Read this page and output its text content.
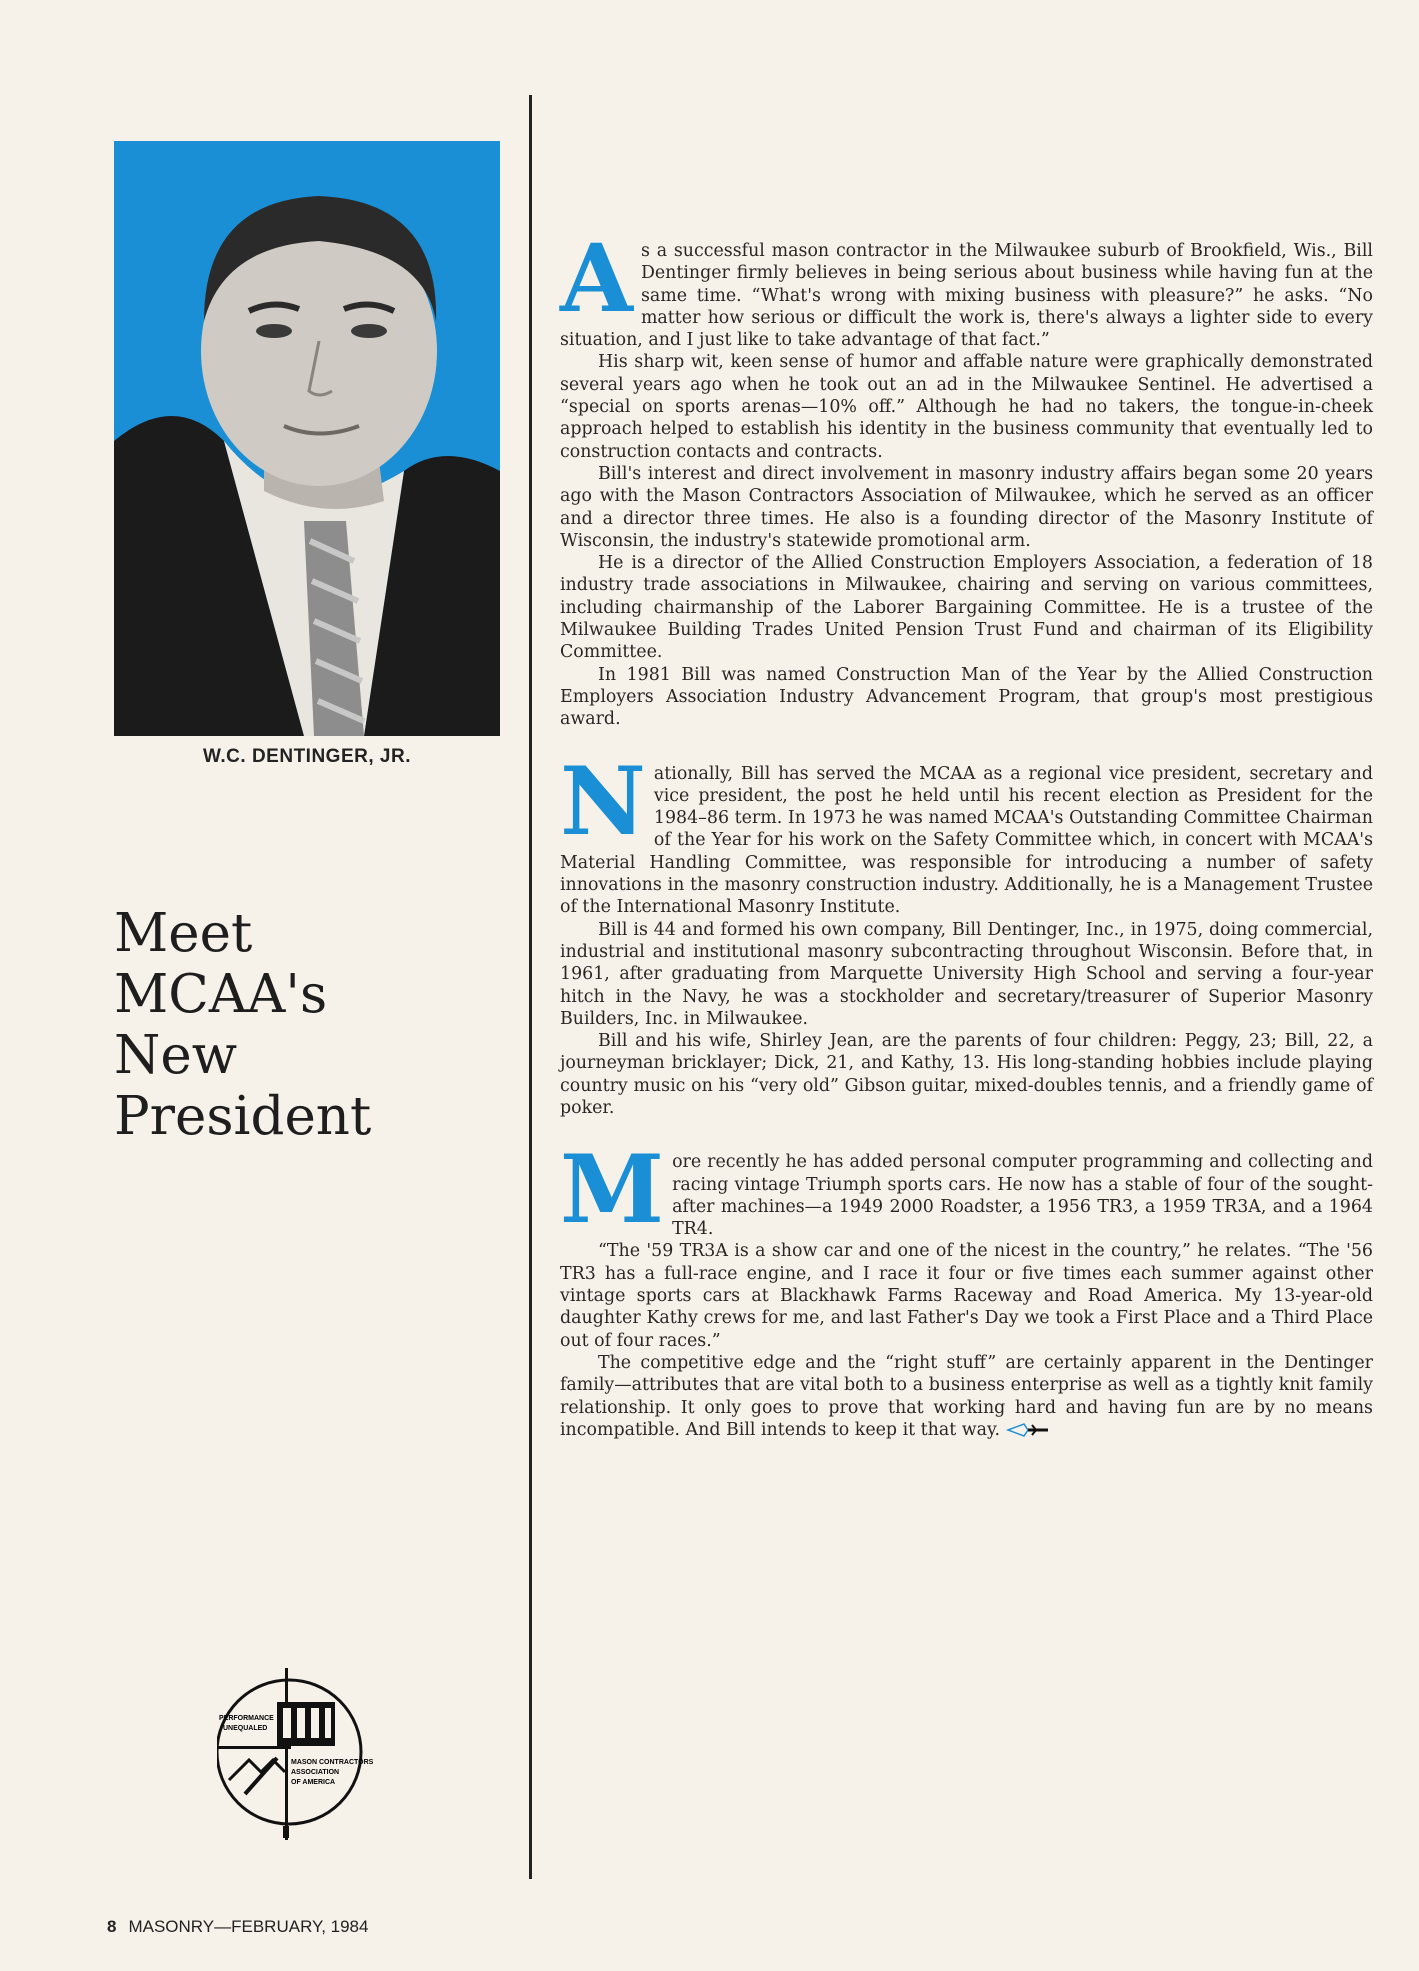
W.C. DENTINGER, JR.
Meet
MCAA's
New
President
PERFORMANCE
UNEQUALED
MASON CONTRACTORS
ASSOCIATION
OF AMERICA

As a successful mason contractor in the Milwaukee suburb of Brookfield, Wis., Bill Dentinger firmly believes in being serious about business while having fun at the same time. “What's wrong with mixing business with pleasure?” he asks. “No matter how serious or difficult the work is, there's always a lighter side to every situation, and I just like to take advantage of that fact.”

His sharp wit, keen sense of humor and affable nature were graphically demonstrated several years ago when he took out an ad in the Milwaukee Sentinel. He advertised a “special on sports arenas—10% off.” Although he had no takers, the tongue-in-cheek approach helped to establish his identity in the business community that eventually led to construction contacts and contracts.

Bill's interest and direct involvement in masonry industry affairs began some 20 years ago with the Mason Contractors Association of Milwaukee, which he served as an officer and a director three times. He also is a founding director of the Masonry Institute of Wisconsin, the industry's statewide promotional arm.

He is a director of the Allied Construction Employers Association, a federation of 18 industry trade associations in Milwaukee, chairing and serving on various committees, including chairmanship of the Laborer Bargaining Committee. He is a trustee of the Milwaukee Building Trades United Pension Trust Fund and chairman of its Eligibility Committee.

In 1981 Bill was named Construction Man of the Year by the Allied Construction Employers Association Industry Advancement Program, that group's most prestigious award.

Nationally, Bill has served the MCAA as a regional vice president, secretary and vice president, the post he held until his recent election as President for the 1984–86 term. In 1973 he was named MCAA's Outstanding Committee Chairman of the Year for his work on the Safety Committee which, in concert with MCAA's Material Handling Committee, was responsible for introducing a number of safety innovations in the masonry construction industry. Additionally, he is a Management Trustee of the International Masonry Institute.

Bill is 44 and formed his own company, Bill Dentinger, Inc., in 1975, doing commercial, industrial and institutional masonry subcontracting throughout Wisconsin. Before that, in 1961, after graduating from Marquette University High School and serving a four-year hitch in the Navy, he was a stockholder and secretary/treasurer of Superior Masonry Builders, Inc. in Milwaukee.

Bill and his wife, Shirley Jean, are the parents of four children: Peggy, 23; Bill, 22, a journeyman bricklayer; Dick, 21, and Kathy, 13. His long-standing hobbies include playing country music on his “very old” Gibson guitar, mixed-doubles tennis, and a friendly game of poker.

More recently he has added personal computer programming and collecting and racing vintage Triumph sports cars. He now has a stable of four of the sought-after machines—a 1949 2000 Roadster, a 1956 TR3, a 1959 TR3A, and a 1964 TR4.

“The '59 TR3A is a show car and one of the nicest in the country,” he relates. “The '56 TR3 has a full-race engine, and I race it four or five times each summer against other vintage sports cars at Blackhawk Farms Raceway and Road America. My 13-year-old daughter Kathy crews for me, and last Father's Day we took a First Place and a Third Place out of four races.”

The competitive edge and the “right stuff” are certainly apparent in the Dentinger family—attributes that are vital both to a business enterprise as well as a tightly knit family relationship. It only goes to prove that working hard and having fun are by no means incompatible. And Bill intends to keep it that way.

8 MASONRY—FEBRUARY, 1984
